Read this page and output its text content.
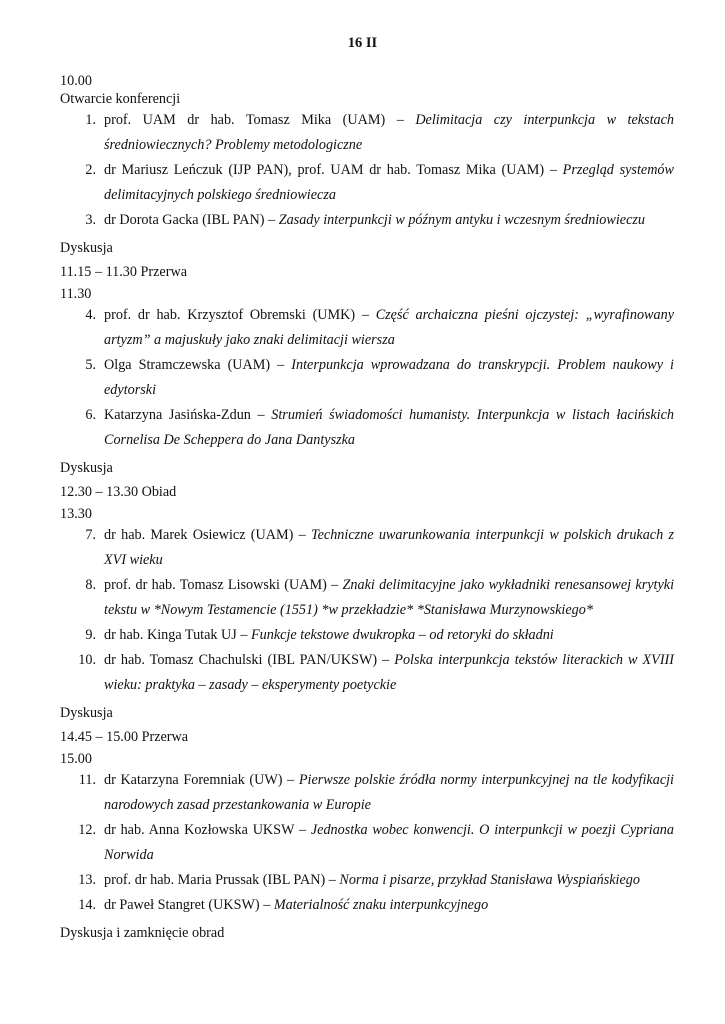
16 II
10.00
Otwarcie konferencji
1. prof. UAM dr hab. Tomasz Mika (UAM) – Delimitacja czy interpunkcja w tekstach średniowiecznych? Problemy metodologiczne
2. dr Mariusz Leńczuk (IJP PAN), prof. UAM dr hab. Tomasz Mika (UAM) – Przegląd systemów delimitacyjnych polskiego średniowiecza
3. dr Dorota Gacka (IBL PAN) – Zasady interpunkcji w późnym antyku i wczesnym średniowieczu
Dyskusja
11.15 – 11.30 Przerwa
11.30
4. prof. dr hab. Krzysztof Obremski (UMK) – Część archaiczna pieśni ojczystej: „wyrafinowany artyzm” a majuskuły jako znaki delimitacji wiersza
5. Olga Stramczewska (UAM) – Interpunkcja wprowadzana do transkrypcji. Problem naukowy i edytorski
6. Katarzyna Jasińska-Zdun – Strumień świadomości humanisty. Interpunkcja w listach łacińskich Cornelisa De Scheppera do Jana Dantyszka
Dyskusja
12.30 – 13.30 Obiad
13.30
7. dr hab. Marek Osiewicz (UAM) – Techniczne uwarunkowania interpunkcji w polskich drukach z XVI wieku
8. prof. dr hab. Tomasz Lisowski (UAM) – Znaki delimitacyjne jako wykładniki renesansowej krytyki tekstu w *Nowym Testamencie (1551) *w przekładzie* *Stanisława Murzynowskiego*
9. dr hab. Kinga Tutak UJ – Funkcje tekstowe dwukropka – od retoryki do składni
10. dr hab. Tomasz Chachulski (IBL PAN/UKSW) – Polska interpunkcja tekstów literackich w XVIII wieku: praktyka – zasady – eksperymenty poetyckie
Dyskusja
14.45 – 15.00 Przerwa
15.00
11. dr Katarzyna Foremniak (UW) – Pierwsze polskie źródła normy interpunkcyjnej na tle kodyfikacji narodowych zasad przestankowania w Europie
12. dr hab. Anna Kozłowska UKSW – Jednostka wobec konwencji. O interpunkcji w poezji Cypriana Norwida
13. prof. dr hab. Maria Prussak (IBL PAN) – Norma i pisarze, przykład Stanisława Wyspiańskiego
14. dr Paweł Stangret (UKSW) – Materialność znaku interpunkcyjnego
Dyskusja i zamknięcie obrad
